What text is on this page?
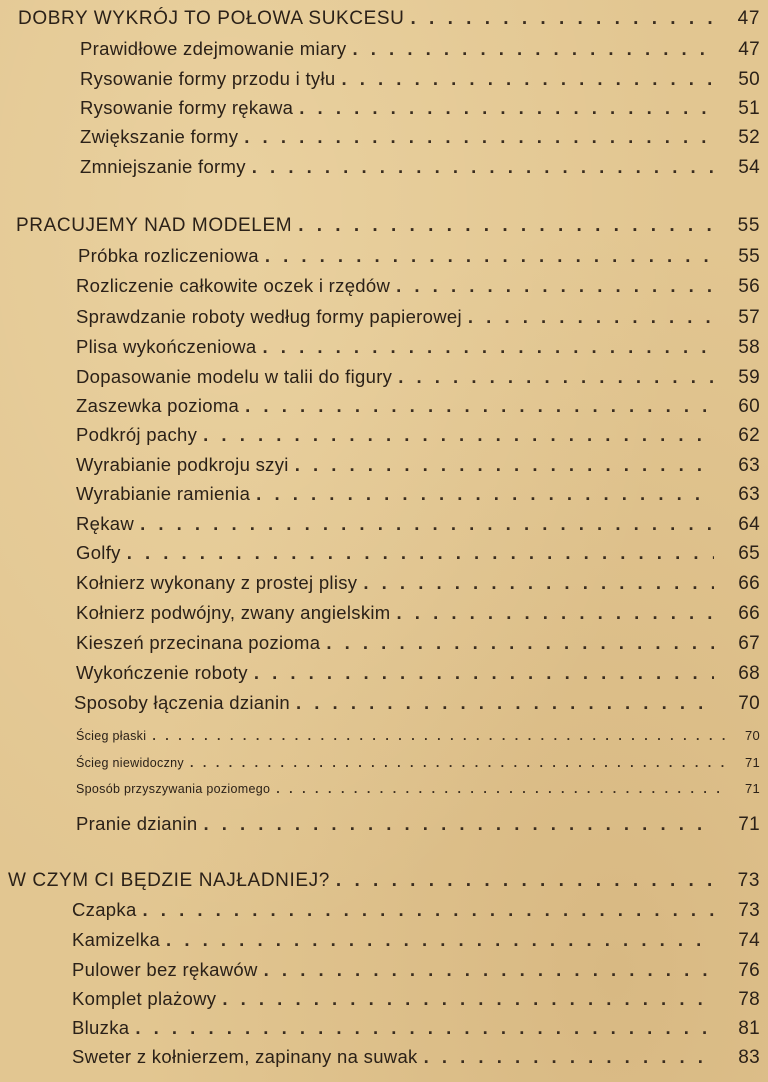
DOBRY WYKRÓJ TO POŁOWA SUKCESU . . .	47
Prawidłowe zdejmowanie miary . . .	47
Rysowanie formy przodu i tyłu . . .	50
Rysowanie formy rękawa . . .	51
Zwiększanie formy . . .	52
Zmniejszanie formy . . .	54
PRACUJEMY NAD MODELEM . . .	55
Próbka rozliczeniowa . . .	55
Rozliczenie całkowite oczek i rzędów . . .	56
Sprawdzanie roboty według formy papierowej . . .	57
Plisa wykończeniowa . . .	58
Dopasowanie modelu w talii do figury . . .	59
Zaszewka pozioma . . .	60
Podkrój pachy . . .	62
Wyrabianie podkroju szyi . . .	63
Wyrabianie ramienia . . .	63
Rękaw . . .	64
Golfy . . .	65
Kołnierz wykonany z prostej plisy . . .	66
Kołnierz podwójny, zwany angielskim . . .	66
Kieszeń przecinana pozioma . . .	67
Wykończenie roboty . . .	68
Sposoby łączenia dzianin . . .	70
Ścieg płaski . . .	70
Ścieg niewidoczny . . .	71
Sposób przyszywania poziomego . . .	71
Pranie dzianin . . .	71
W CZYM CI BĘDZIE NAJŁADNIEJ? . . .	73
Czapka . . .	73
Kamizelka . . .	74
Pulower bez rękawów . . .	76
Komplet plażowy . . .	78
Bluzka . . .	81
Sweter z kołnierzem, zapinany na suwak . . .	83
